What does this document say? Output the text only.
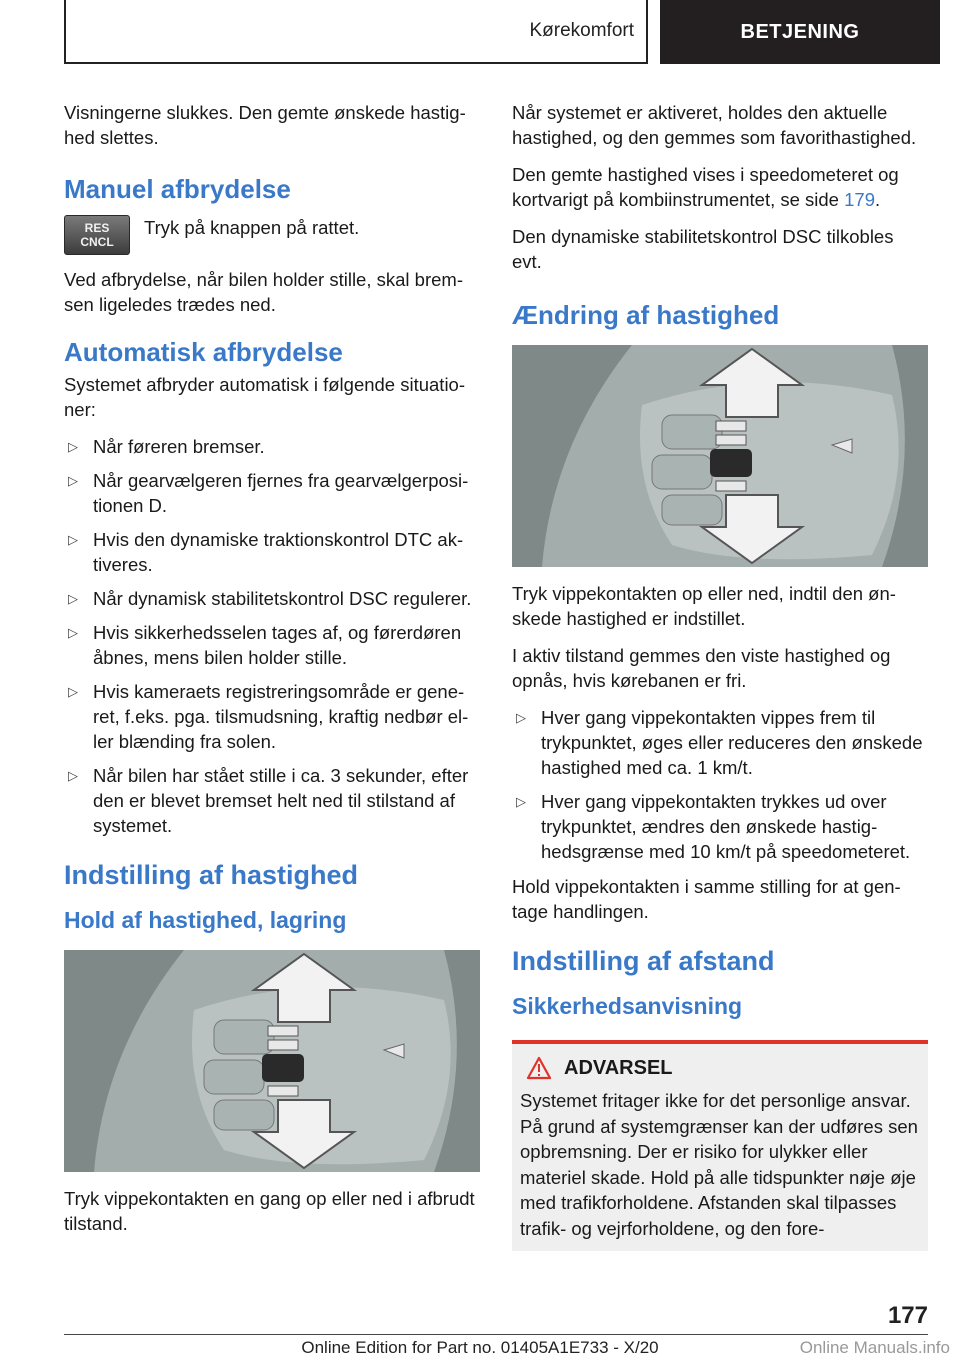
Kørekomfort	BETJENING

Visningerne slukkes. Den gemte ønskede hastighed slettes.

Manuel afbrydelse
RES
CNCL

Tryk på knappen på rattet.

Ved afbrydelse, når bilen holder stille, skal bremsen ligeledes trædes ned.

Automatisk afbrydelse

Systemet afbryder automatisk i følgende situationer:

▷ Når føreren bremser.
▷ Når gearvælgeren fjernes fra gearvælgerpositionen D.
▷ Hvis den dynamiske traktionskontrol DTC aktiveres.
▷ Når dynamisk stabilitetskontrol DSC regulerer.
▷ Hvis sikkerhedsselen tages af, og førerdøren åbnes, mens bilen holder stille.
▷ Hvis kameraets registreringsområde er generet, f.eks. pga. tilsmudsning, kraftig nedbør eller blænding fra solen.
▷ Når bilen har stået stille i ca. 3 sekunder, efter den er blevet bremset helt ned til stilstand af systemet.
Indstilling af hastighed
Hold af hastighed, lagring

Tryk vippekontakten en gang op eller ned i afbrudt tilstand.

Når systemet er aktiveret, holdes den aktuelle hastighed, og den gemmes som favorithastighed.

Den gemte hastighed vises i speedometeret og kortvarigt på kombiinstrumentet, se side 179.

Den dynamiske stabilitetskontrol DSC tilkobles evt.

Ændring af hastighed

Tryk vippekontakten op eller ned, indtil den ønskede hastighed er indstillet.

I aktiv tilstand gemmes den viste hastighed og opnås, hvis kørebanen er fri.

▷ Hver gang vippekontakten vippes frem til trykpunktet, øges eller reduceres den ønskede hastighed med ca. 1 km/t.
▷ Hver gang vippekontakten trykkes ud over trykpunktet, ændres den ønskede hastighedsgrænse med 10 km/t på speedometeret.

Hold vippekontakten i samme stilling for at gentage handlingen.

Indstilling af afstand
Sikkerhedsanvisning
ADVARSEL

Systemet fritager ikke for det personlige ansvar. På grund af systemgrænser kan der udføres sen opbremsning. Der er risiko for ulykker eller materiel skade. Hold på alle tidspunkter nøje øje med trafikforholdene. Afstanden skal tilpasses trafik- og vejrforholdene, og den fore-

177
Online Edition for Part no. 01405A1E733 - X/20	Online Manuals.info
